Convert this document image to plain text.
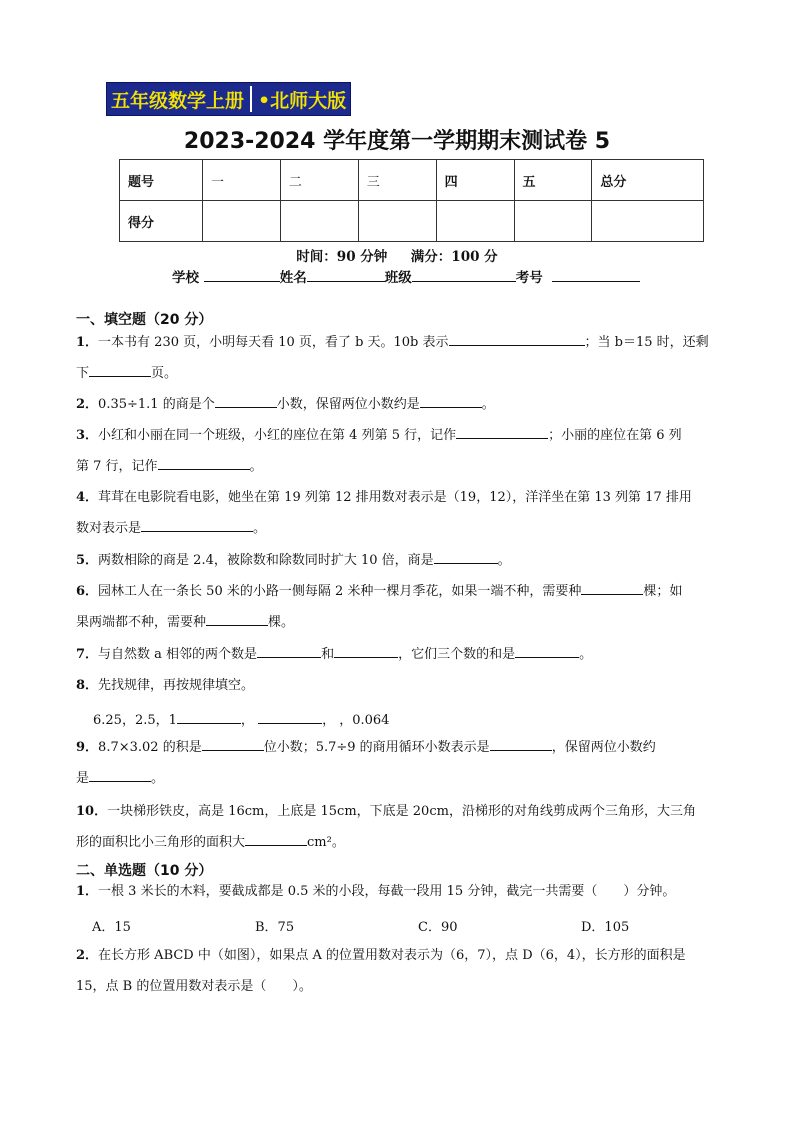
五年级数学上册 •北师大版
2023-2024 学年度第一学期期末测试卷 5
题号	一	二	三	四	五	总分
得分						
时间：90 分钟 满分：100 分
学校	姓名	班级	考号
一、填空题（20 分）
1．一本书有 230 页，小明每天看 10 页，看了 b 天。10b 表示	；当 b＝15 时，还剩
下	页。
2．0.35÷1.1 的商是个	小数，保留两位小数约是	。
3．小红和小丽在同一个班级，小红的座位在第 4 列第 5 行，记作	；小丽的座位在第 6 列
第 7 行，记作	。
4．茸茸在电影院看电影，她坐在第 19 列第 12 排用数对表示是（19，12），洋洋坐在第 13 列第 17 排用
数对表示是	。
5．两数相除的商是 2.4，被除数和除数同时扩大 10 倍，商是	。
6．园林工人在一条长 50 米的小路一侧每隔 2 米种一棵月季花，如果一端不种，需要种	棵；如
果两端都不种，需要种	棵。
7．与自然数 a 相邻的两个数是	和	，它们三个数的和是	。
8．先找规律，再按规律填空。
6.25，2.5，1	，	， ，0.064
9．8.7×3.02 的积是	位小数；5.7÷9 的商用循环小数表示是	，保留两位小数约
是	。
10．一块梯形铁皮，高是 16cm，上底是 15cm，下底是 20cm，沿梯形的对角线剪成两个三角形，大三角
形的面积比小三角形的面积大	cm²。
二、单选题（10 分）
1．一根 3 米长的木料，要截成都是 0.5 米的小段，每截一段用 15 分钟，截完一共需要（　　）分钟。
A．15	B．75	C．90	D．105
2．在长方形 ABCD 中（如图），如果点 A 的位置用数对表示为（6，7），点 D（6，4），长方形的面积是
15，点 B 的位置用数对表示是（　　）。
